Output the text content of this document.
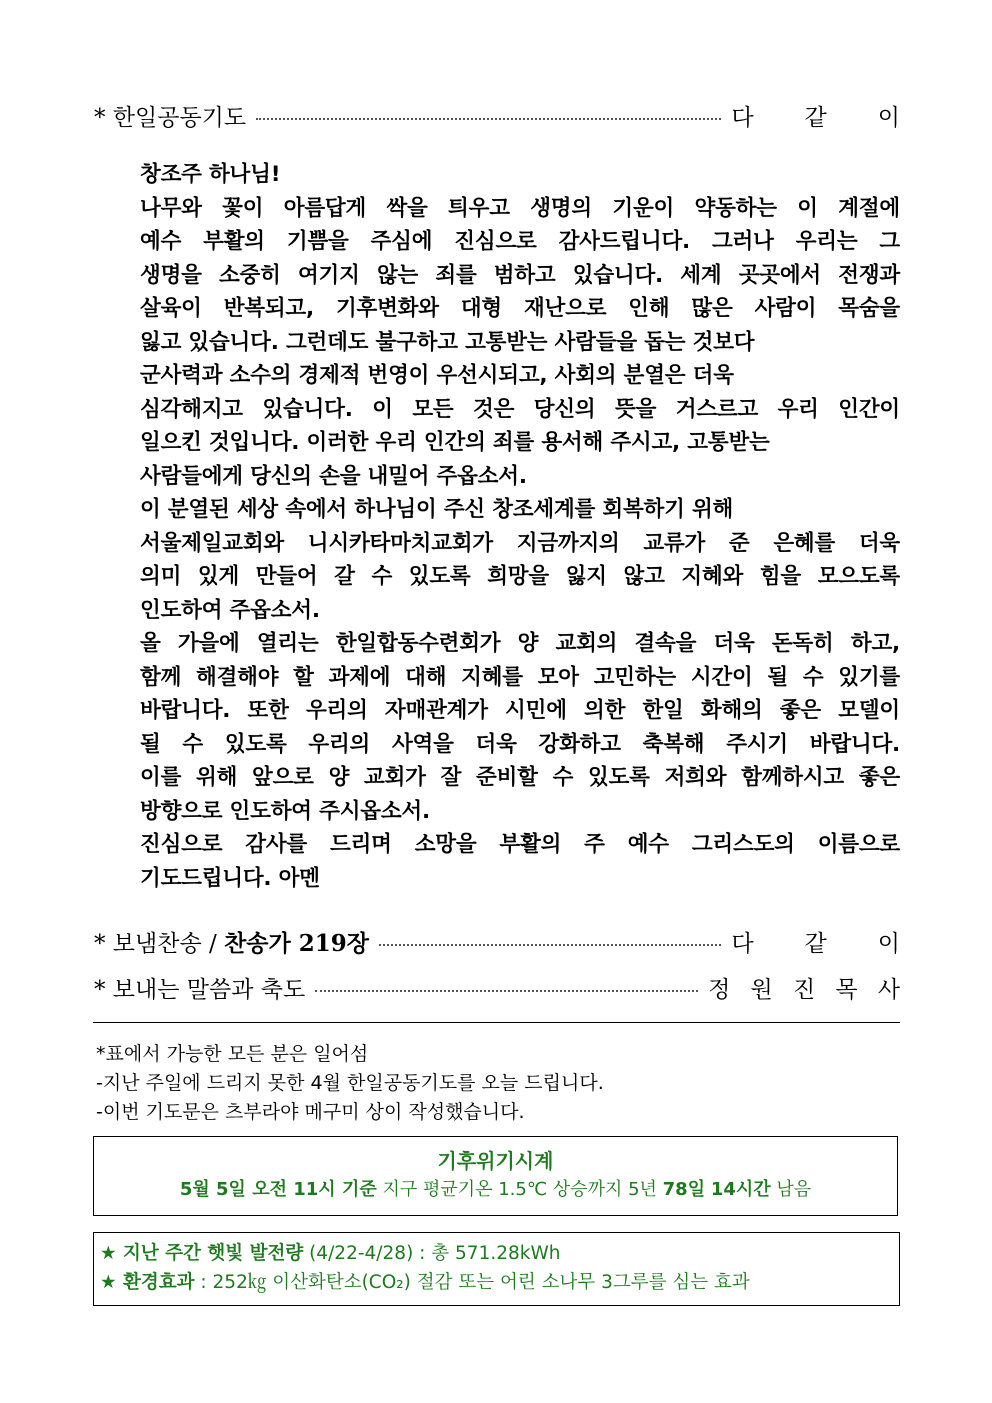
* 한일공동기도	다 같 이
창조주 하나님!
나무와 꽃이 아름답게 싹을 틔우고 생명의 기운이 약동하는 이 계절에
예수 부활의 기쁨을 주심에 진심으로 감사드립니다. 그러나 우리는 그
생명을 소중히 여기지 않는 죄를 범하고 있습니다. 세계 곳곳에서 전쟁과
살육이 반복되고, 기후변화와 대형 재난으로 인해 많은 사람이 목숨을
잃고 있습니다. 그런데도 불구하고 고통받는 사람들을 돕는 것보다
군사력과 소수의 경제적 번영이 우선시되고, 사회의 분열은 더욱
심각해지고 있습니다. 이 모든 것은 당신의 뜻을 거스르고 우리 인간이
일으킨 것입니다. 이러한 우리 인간의 죄를 용서해 주시고, 고통받는
사람들에게 당신의 손을 내밀어 주옵소서.
이 분열된 세상 속에서 하나님이 주신 창조세계를 회복하기 위해
서울제일교회와 니시카타마치교회가 지금까지의 교류가 준 은혜를 더욱
의미 있게 만들어 갈 수 있도록 희망을 잃지 않고 지혜와 힘을 모으도록
인도하여 주옵소서.
올 가을에 열리는 한일합동수련회가 양 교회의 결속을 더욱 돈독히 하고,
함께 해결해야 할 과제에 대해 지혜를 모아 고민하는 시간이 될 수 있기를
바랍니다. 또한 우리의 자매관계가 시민에 의한 한일 화해의 좋은 모델이
될 수 있도록 우리의 사역을 더욱 강화하고 축복해 주시기 바랍니다.
이를 위해 앞으로 양 교회가 잘 준비할 수 있도록 저희와 함께하시고 좋은
방향으로 인도하여 주시옵소서.
진심으로 감사를 드리며 소망을 부활의 주 예수 그리스도의 이름으로
기도드립니다. 아멘
* 보냄찬송 / 찬송가 219장	다 같 이
* 보내는 말씀과 축도	정 원 진 목 사
*표에서 가능한 모든 분은 일어섬
-지난 주일에 드리지 못한 4월 한일공동기도를 오늘 드립니다.
-이번 기도문은 츠부라야 메구미 상이 작성했습니다.
기후위기시계
5월 5일 오전 11시 기준 지구 평균기온 1.5℃ 상승까지 5년 78일 14시간 남음
★ 지난 주간 햇빛 발전량 (4/22-4/28) : 총 571.28kWh
★ 환경효과 : 252㎏ 이산화탄소(CO₂) 절감 또는 어린 소나무 3그루를 심는 효과
